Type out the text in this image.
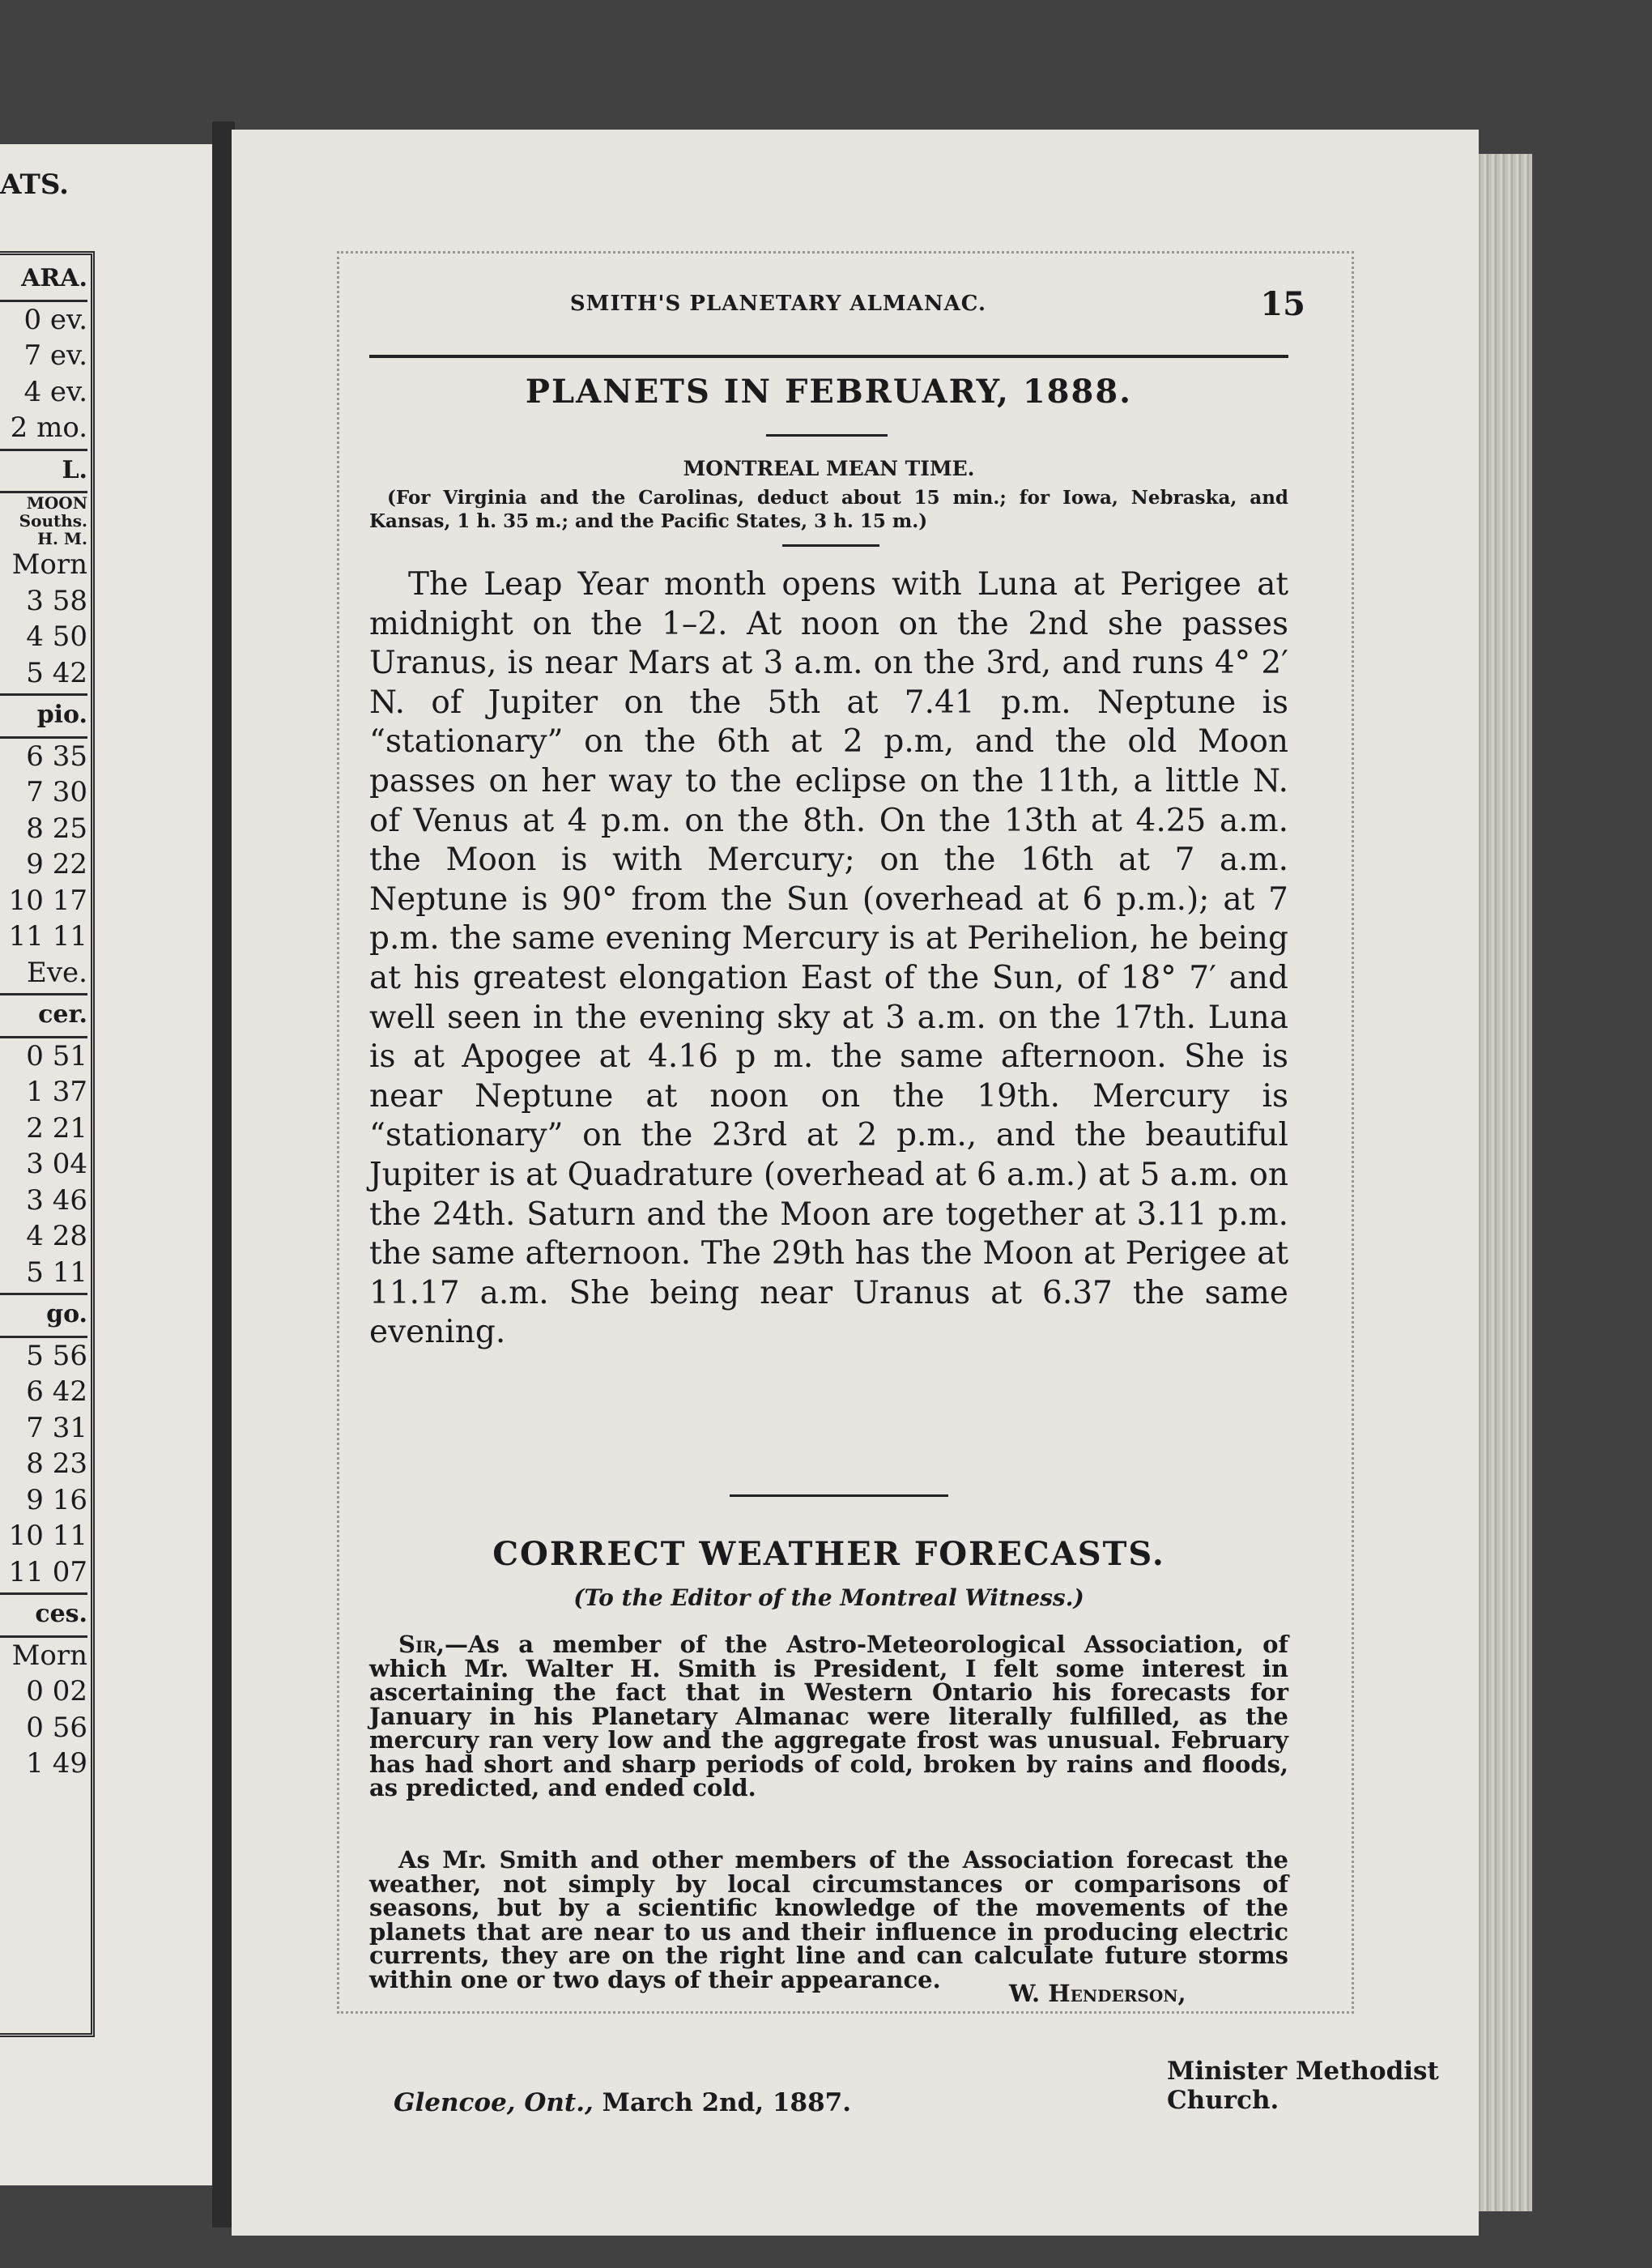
ARA.
0 ev.
7 ev.
4 ev.
2 mo.
L.
MOON
Souths.
H. M.
Morn
3 58
4 50
5 42
pio.
6 35
7 30
8 25
9 22
10 17
11 11
Eve.
cer.
0 51
1 37
2 21
3 04
3 46
4 28
5 11
go.
5 56
6 42
7 31
8 23
9 16
10 11
11 07
ces.
Morn
0 02
0 56
1 49
ATS.
SMITH'S PLANETARY ALMANAC.	15
PLANETS IN FEBRUARY, 1888.
MONTREAL MEAN TIME.
(For Virginia and the Carolinas, deduct about 15 min.; for Iowa, Nebraska, and Kansas, 1 h. 35 m.; and the Pacific States, 3 h. 15 m.)
The Leap Year month opens with Luna at Perigee at midnight on the 1–2. At noon on the 2nd she passes Uranus, is near Mars at 3 a.m. on the 3rd, and runs 4° 2′ N. of Jupiter on the 5th at 7.41 p.m. Neptune is “stationary” on the 6th at 2 p.m, and the old Moon passes on her way to the eclipse on the 11th, a little N. of Venus at 4 p.m. on the 8th. On the 13th at 4.25 a.m. the Moon is with Mercury; on the 16th at 7 a.m. Neptune is 90° from the Sun (overhead at 6 p.m.); at 7 p.m. the same evening Mercury is at Perihelion, he being at his greatest elongation East of the Sun, of 18° 7′ and well seen in the evening sky at 3 a.m. on the 17th. Luna is at Apogee at 4.16 p m. the same afternoon. She is near Neptune at noon on the 19th. Mercury is “stationary” on the 23rd at 2 p.m., and the beautiful Jupiter is at Quadrature (overhead at 6 a.m.) at 5 a.m. on the 24th. Saturn and the Moon are together at 3.11 p.m. the same afternoon. The 29th has the Moon at Perigee at 11.17 a.m. She being near Uranus at 6.37 the same evening.
CORRECT WEATHER FORECASTS.
(To the Editor of the Montreal Witness.)
Sir,—As a member of the Astro-Meteorological Association, of which Mr. Walter H. Smith is President, I felt some interest in ascertaining the fact that in Western Ontario his forecasts for January in his Planetary Almanac were literally fulfilled, as the mercury ran very low and the aggregate frost was unusual. February has had short and sharp periods of cold, broken by rains and floods, as predicted, and ended cold.
As Mr. Smith and other members of the Association forecast the weather, not simply by local circumstances or comparisons of seasons, but by a scientific knowledge of the movements of the planets that are near to us and their influence in producing electric currents, they are on the right line and can calculate future storms within one or two days of their appearance.
W. Henderson,
Minister Methodist Church.
Glencoe, Ont., March 2nd, 1887.
